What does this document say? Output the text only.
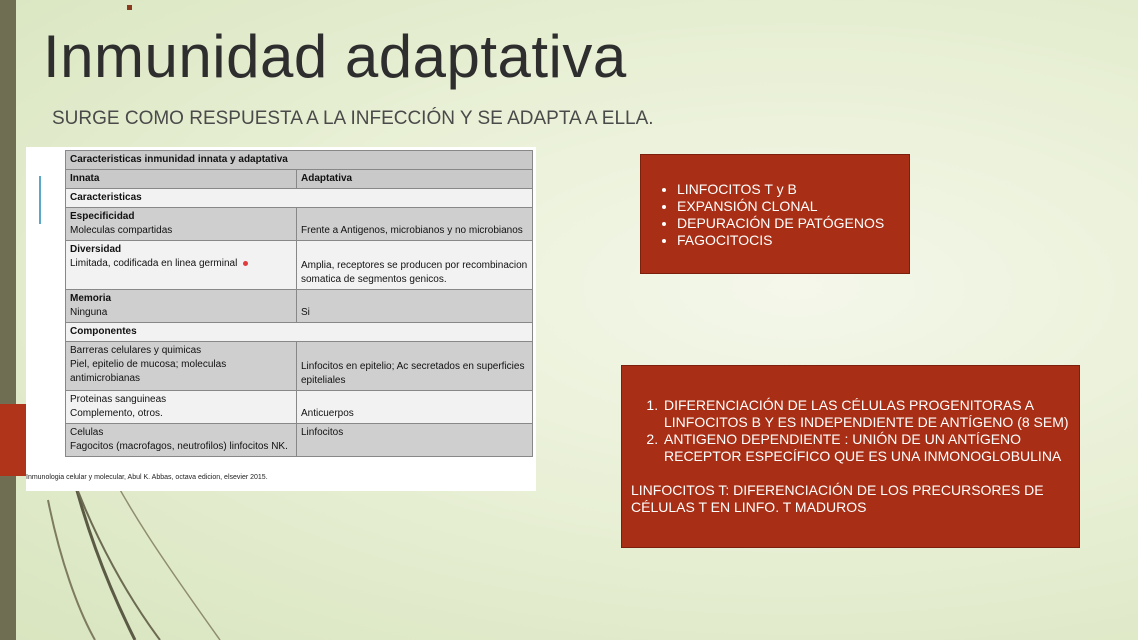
Inmunidad adaptativa
SURGE COMO RESPUESTA A LA INFECCIÓN Y SE ADAPTA A ELLA.
Caracteristicas inmunidad innata y adaptativa	
Innata	Adaptativa
Caracteristicas	

Especificidad
Moleculas compartidas	Frente a Antigenos, microbianos y no microbianos

Diversidad
Limitada, codificada en linea germinal	Amplia, receptores se producen por recombinacion somatica de segmentos genicos.

Memoria
Ninguna	Si
Componentes	

Barreras celulares y quimicas
Piel, epitelio de mucosa; moleculas antimicrobianas	Linfocitos en epitelio; Ac secretados en superficies epiteliales

Proteinas sanguineas
Complemento, otros.	Anticuerpos

Celulas
Fagocitos (macrofagos, neutrofilos) linfocitos NK.	Linfocitos
Inmunologia celular y molecular, Abul K. Abbas, octava edicion, elsevier 2015.
• LINFOCITOS T y B
• EXPANSIÓN CLONAL
• DEPURACIÓN DE PATÓGENOS
• FAGOCITOCIS
1. DIFERENCIACIÓN DE LAS CÉLULAS PROGENITORAS A LINFOCITOS B Y ES INDEPENDIENTE DE ANTÍGENO (8 SEM)
2. ANTIGENO DEPENDIENTE : UNIÓN DE UN ANTÍGENO RECEPTOR ESPECÍFICO QUE ES UNA INMONOGLOBULINA
LINFOCITOS T: DIFERENCIACIÓN DE LOS PRECURSORES DE CÉLULAS T EN LINFO. T MADUROS
